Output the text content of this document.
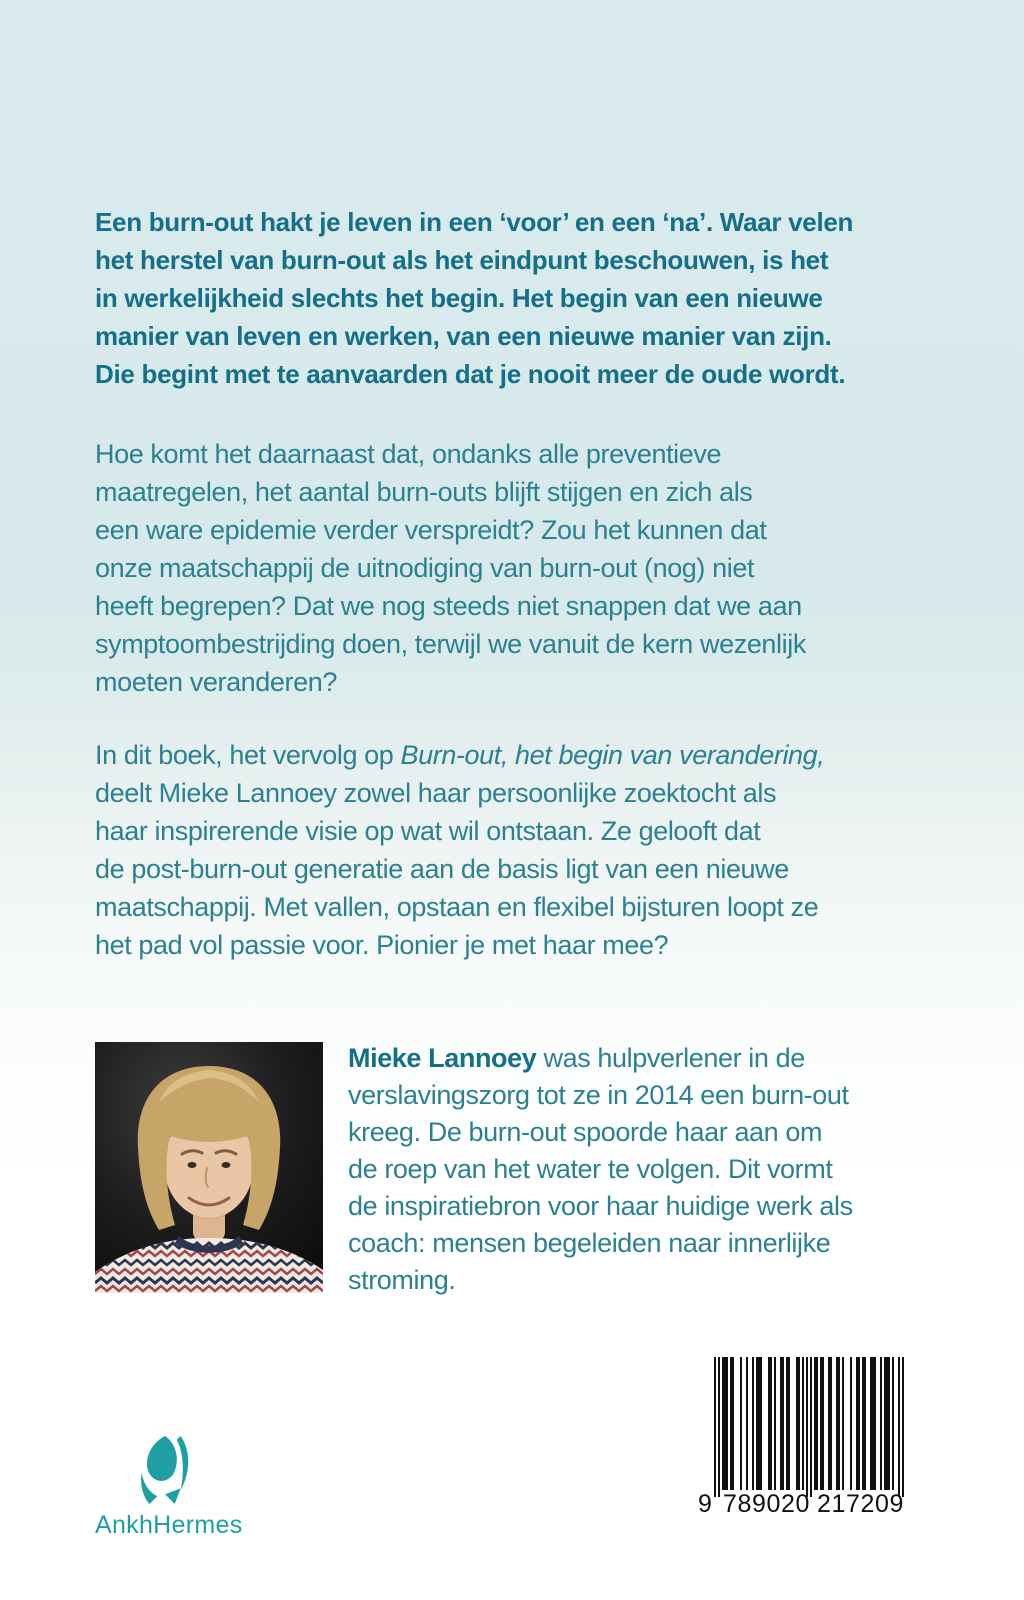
Een burn-out hakt je leven in een ‘voor’ en een ‘na’. Waar velen
het herstel van burn-out als het eindpunt beschouwen, is het
in werkelijkheid slechts het begin. Het begin van een nieuwe
manier van leven en werken, van een nieuwe manier van zijn.
Die begint met te aanvaarden dat je nooit meer de oude wordt.
Hoe komt het daarnaast dat, ondanks alle preventieve
maatregelen, het aantal burn-outs blijft stijgen en zich als
een ware epidemie verder verspreidt? Zou het kunnen dat
onze maatschappij de uitnodiging van burn-out (nog) niet
heeft begrepen? Dat we nog steeds niet snappen dat we aan
symptoombestrijding doen, terwijl we vanuit de kern wezenlijk
moeten veranderen?
In dit boek, het vervolg op Burn-out, het begin van verandering,
deelt Mieke Lannoey zowel haar persoonlijke zoektocht als
haar inspirerende visie op wat wil ontstaan. Ze gelooft dat
de post-burn-out generatie aan de basis ligt van een nieuwe
maatschappij. Met vallen, opstaan en flexibel bijsturen loopt ze
het pad vol passie voor. Pionier je met haar mee?
Mieke Lannoey was hulpverlener in de
verslavingszorg tot ze in 2014 een burn-out
kreeg. De burn-out spoorde haar aan om
de roep van het water te volgen. Dit vormt
de inspiratiebron voor haar huidige werk als
coach: mensen begeleiden naar innerlijke
stroming.
AnkhHermes
9 789020 217209
